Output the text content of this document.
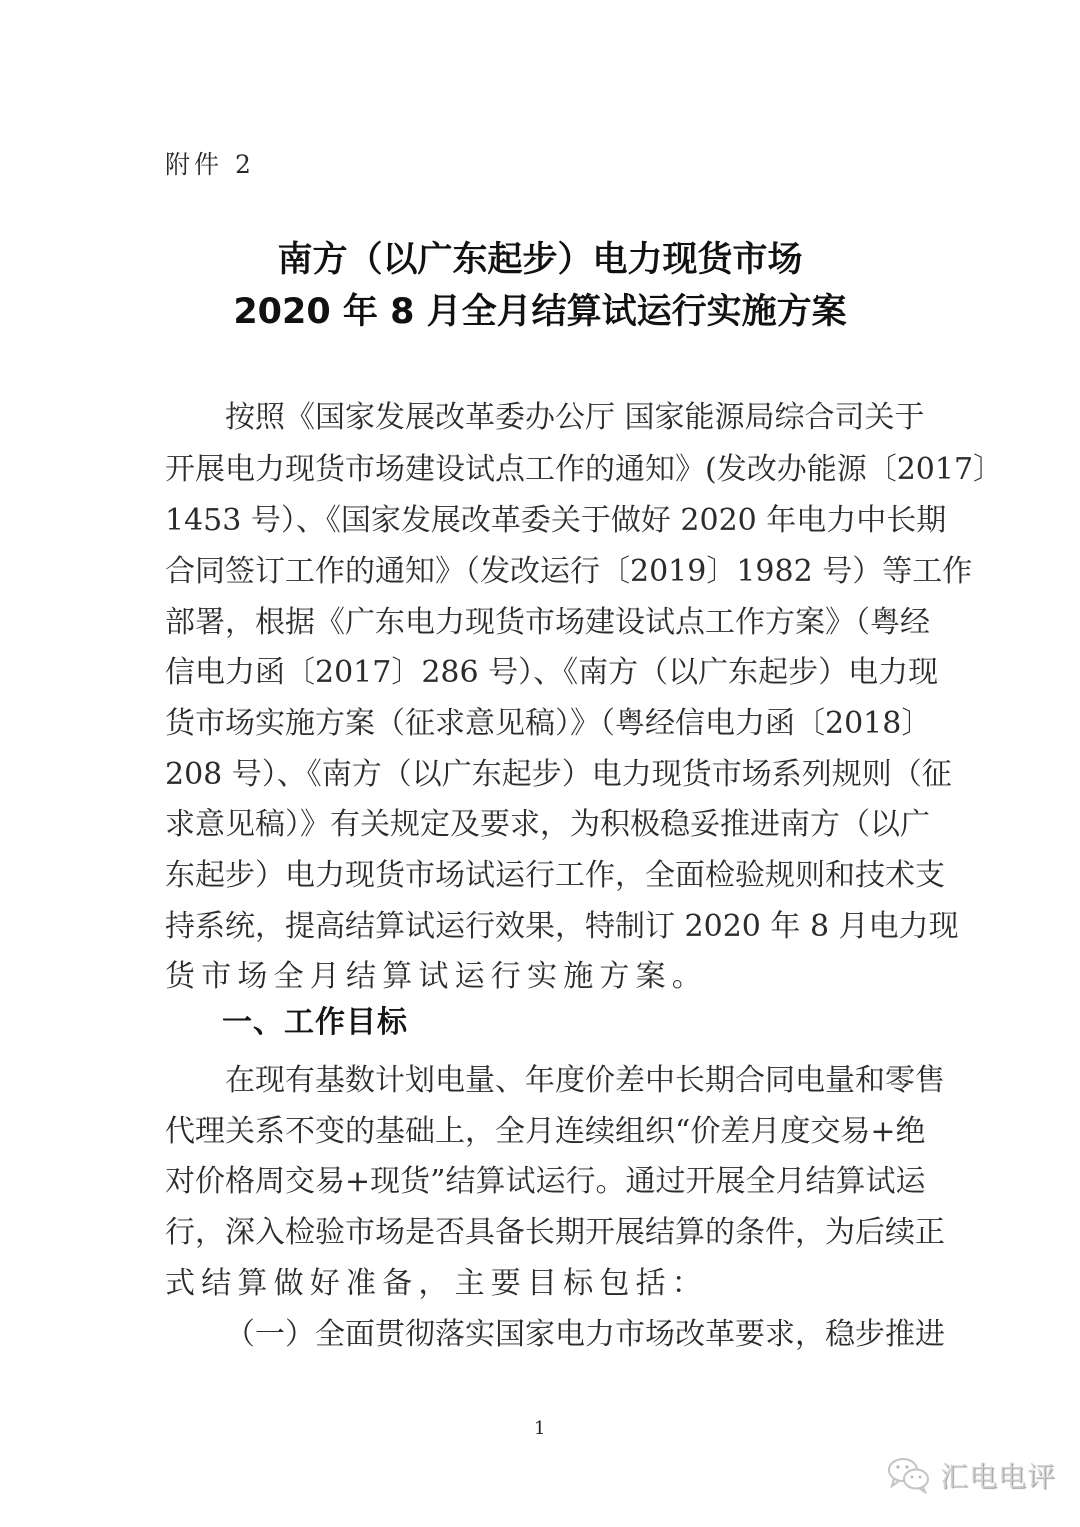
附件 2
南方（以广东起步）电力现货市场
2020 年 8 月全月结算试运行实施方案
按照《国家发展改革委办公厅 国家能源局综合司关于
开展电力现货市场建设试点工作的通知》(发改办能源〔2017〕
1453 号）、《国家发展改革委关于做好 2020 年电力中长期
合同签订工作的通知》（发改运行〔2019〕1982 号）等工作
部署，根据《广东电力现货市场建设试点工作方案》（粤经
信电力函〔2017〕286 号）、《南方（以广东起步）电力现
货市场实施方案（征求意见稿）》（粤经信电力函〔2018〕
208 号）、《南方（以广东起步）电力现货市场系列规则（征
求意见稿）》有关规定及要求，为积极稳妥推进南方（以广
东起步）电力现货市场试运行工作，全面检验规则和技术支
持系统，提高结算试运行效果，特制订 2020 年 8 月电力现
货市场全月结算试运行实施方案。
一、工作目标
在现有基数计划电量、年度价差中长期合同电量和零售
代理关系不变的基础上，全月连续组织“价差月度交易+绝
对价格周交易+现货”结算试运行。通过开展全月结算试运
行，深入检验市场是否具备长期开展结算的条件，为后续正
式结算做好准备，主要目标包括：
（一）全面贯彻落实国家电力市场改革要求，稳步推进
1
汇电电评
